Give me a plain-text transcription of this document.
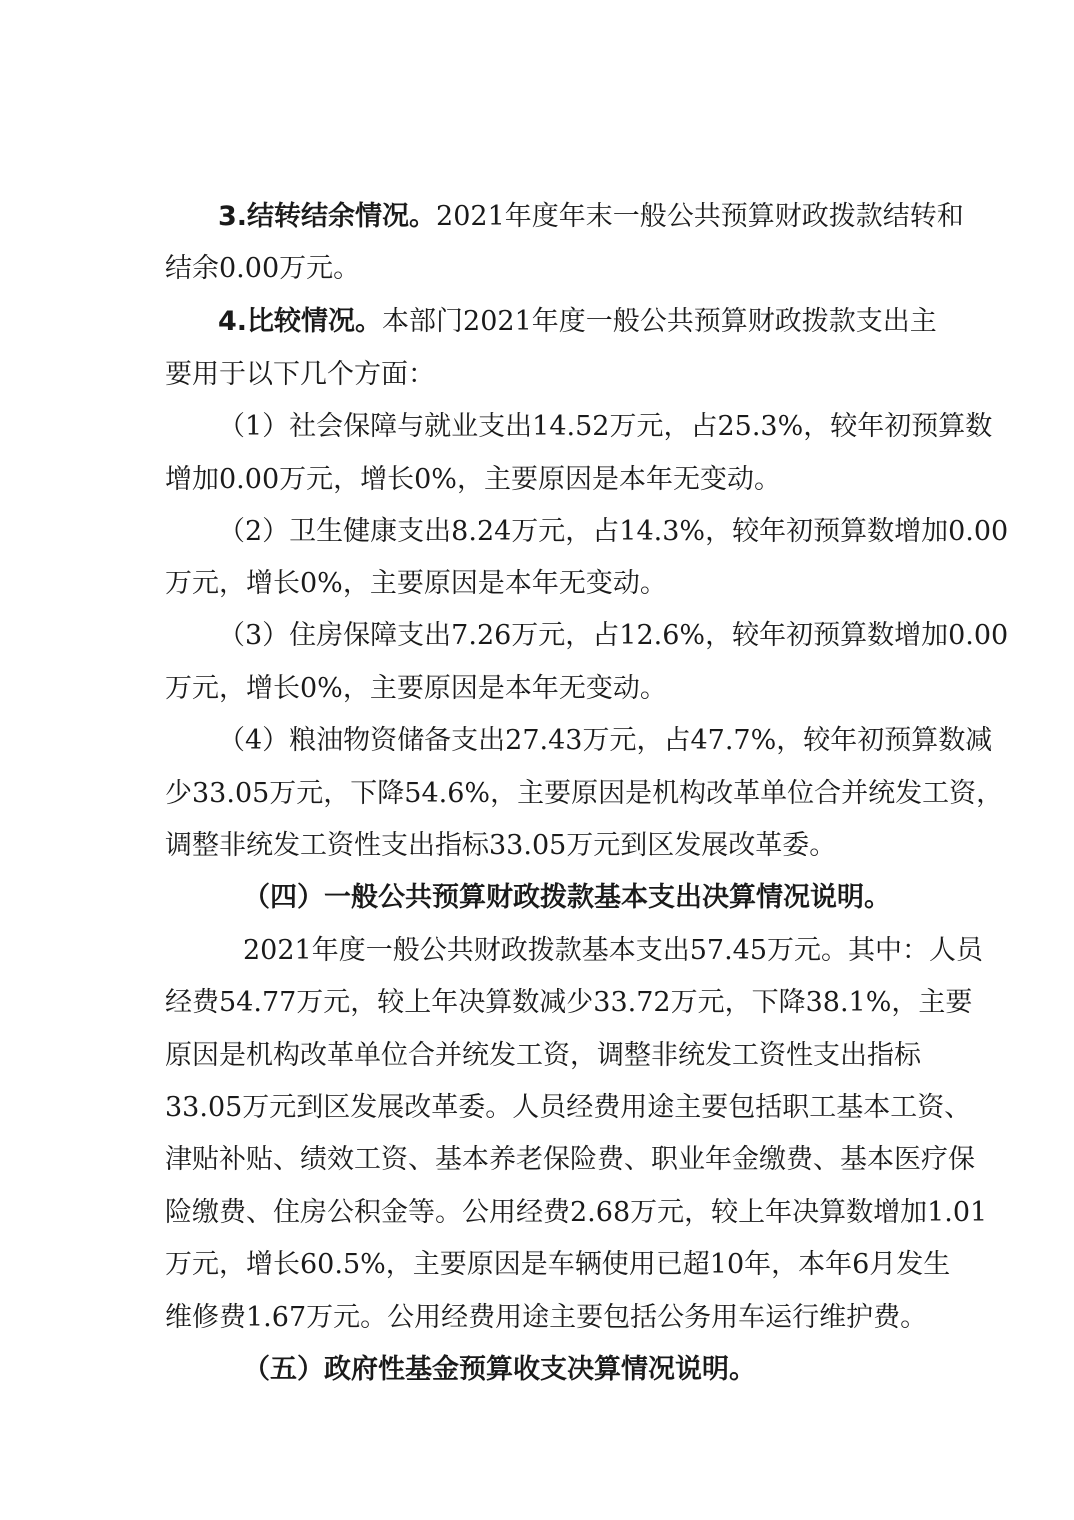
3.结转结余情况。2021年度年末一般公共预算财政拨款结转和
结余0.00万元。
4.比较情况。本部门2021年度一般公共预算财政拨款支出主
要用于以下几个方面：
（1）社会保障与就业支出14.52万元，占25.3%，较年初预算数
增加0.00万元，增长0%，主要原因是本年无变动。
（2）卫生健康支出8.24万元，占14.3%，较年初预算数增加0.00
万元，增长0%，主要原因是本年无变动。
（3）住房保障支出7.26万元，占12.6%，较年初预算数增加0.00
万元，增长0%，主要原因是本年无变动。
（4）粮油物资储备支出27.43万元，占47.7%，较年初预算数减
少33.05万元，下降54.6%，主要原因是机构改革单位合并统发工资，
调整非统发工资性支出指标33.05万元到区发展改革委。
（四）一般公共预算财政拨款基本支出决算情况说明。
2021年度一般公共财政拨款基本支出57.45万元。其中：人员
经费54.77万元，较上年决算数减少33.72万元，下降38.1%，主要
原因是机构改革单位合并统发工资，调整非统发工资性支出指标
33.05万元到区发展改革委。人员经费用途主要包括职工基本工资、
津贴补贴、绩效工资、基本养老保险费、职业年金缴费、基本医疗保
险缴费、住房公积金等。公用经费2.68万元，较上年决算数增加1.01
万元，增长60.5%，主要原因是车辆使用已超10年，本年6月发生
维修费1.67万元。公用经费用途主要包括公务用车运行维护费。
（五）政府性基金预算收支决算情况说明。
